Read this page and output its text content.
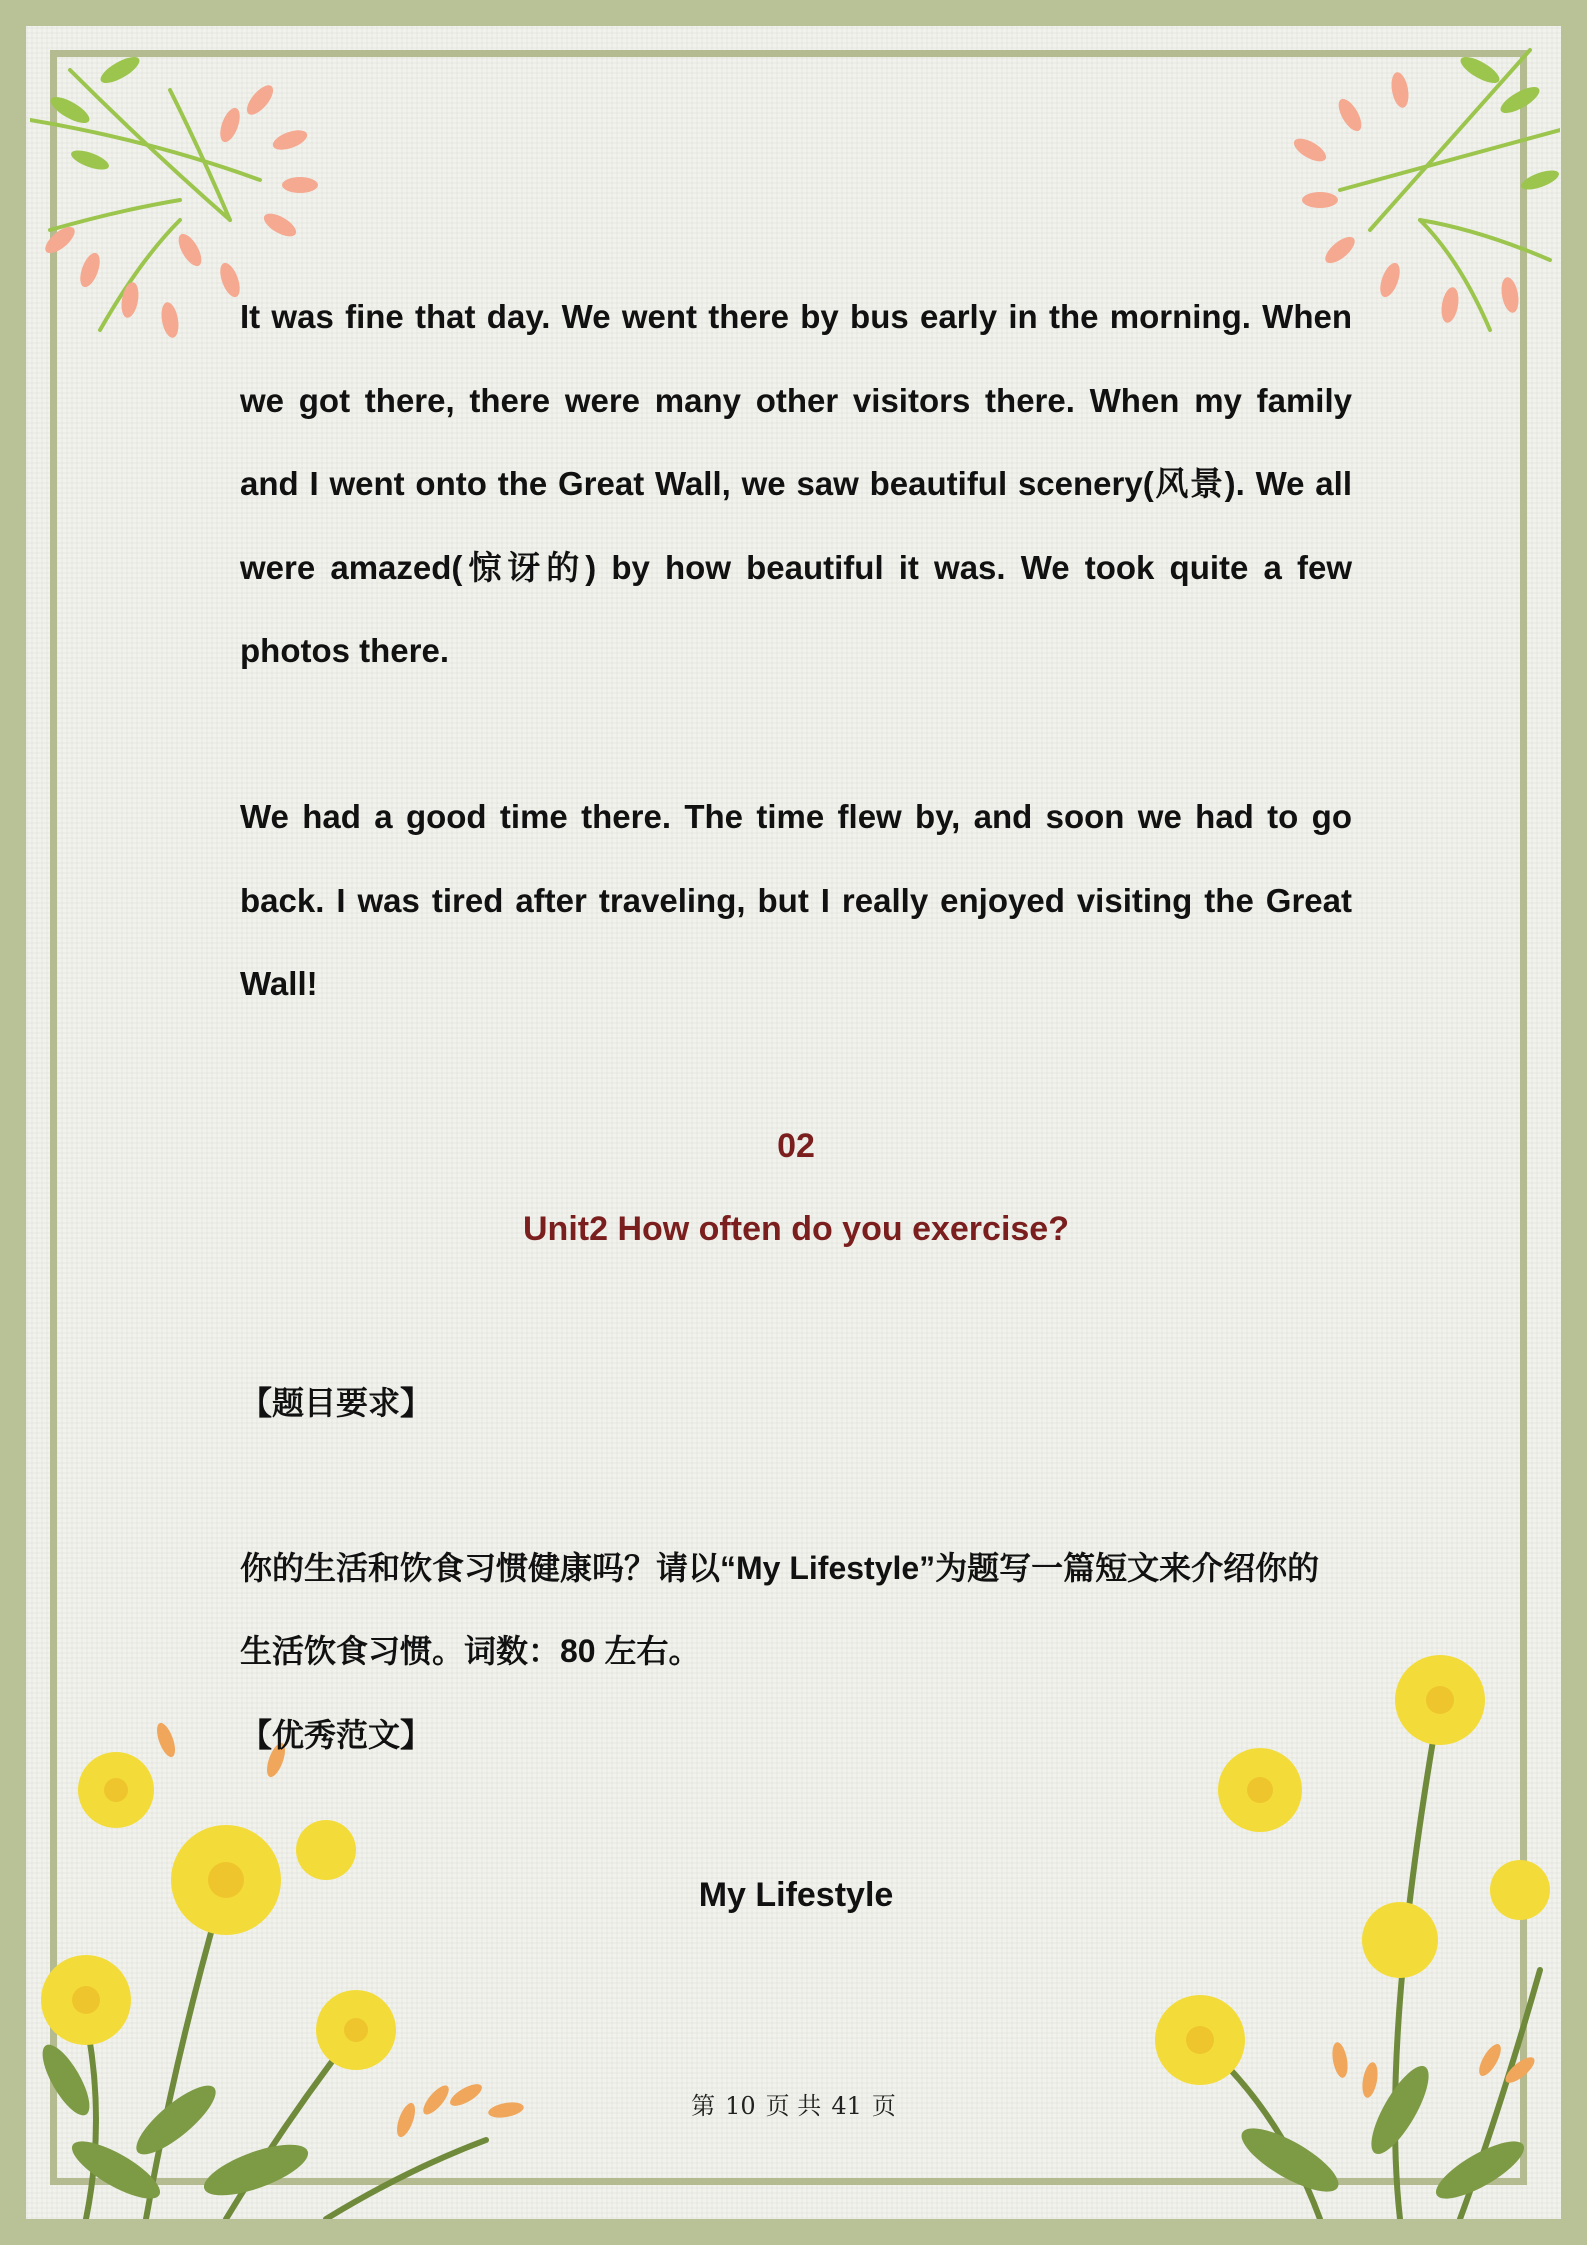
It was fine that day. We went there by bus early in the morning. When we got there, there were many other visitors there. When my family and I went onto the Great Wall, we saw beautiful scenery(风景). We all were amazed(惊讶的) by how beautiful it was. We took quite a few photos there.

We had a good time there. The time flew by, and soon we had to go back. I was tired after traveling, but I really enjoyed visiting the Great Wall!

02

Unit2 How often do you exercise?

【题目要求】

你的生活和饮食习惯健康吗？请以“My Lifestyle”为题写一篇短文来介绍你的

生活饮食习惯。词数：80 左右。

【优秀范文】

My Lifestyle

第 10 页 共 41 页
